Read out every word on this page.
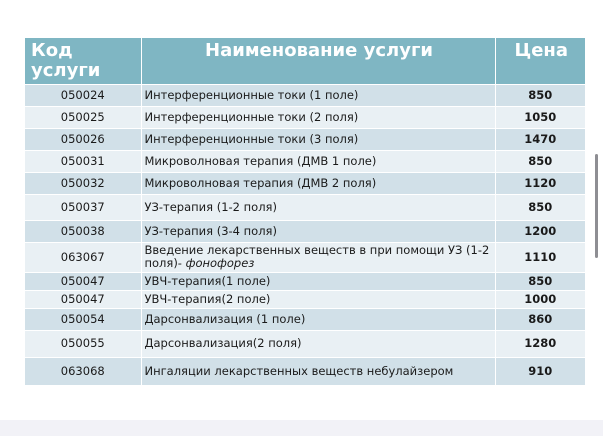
Код услуги	Наименование услуги	Цена
050024	Интерференционные токи (1 поле)	850
050025	Интерференционные токи (2 поля)	1050
050026	Интерференционные токи (3 поля)	1470
050031	Микроволновая терапия (ДМВ 1 поле)	850
050032	Микроволновая терапия (ДМВ 2 поля)	1120
050037	УЗ-терапия (1-2 поля)	850
050038	УЗ-терапия (3-4 поля)	1200
063067	Введение лекарственных веществ в при помощи УЗ (1-2 поля)- фонофорез	1110
050047	УВЧ-терапия(1 поле)	850
050047	УВЧ-терапия(2 поле)	1000
050054	Дарсонвализация (1 поле)	860
050055	Дарсонвализация(2 поля)	1280
063068	Ингаляции лекарственных веществ небулайзером	910
